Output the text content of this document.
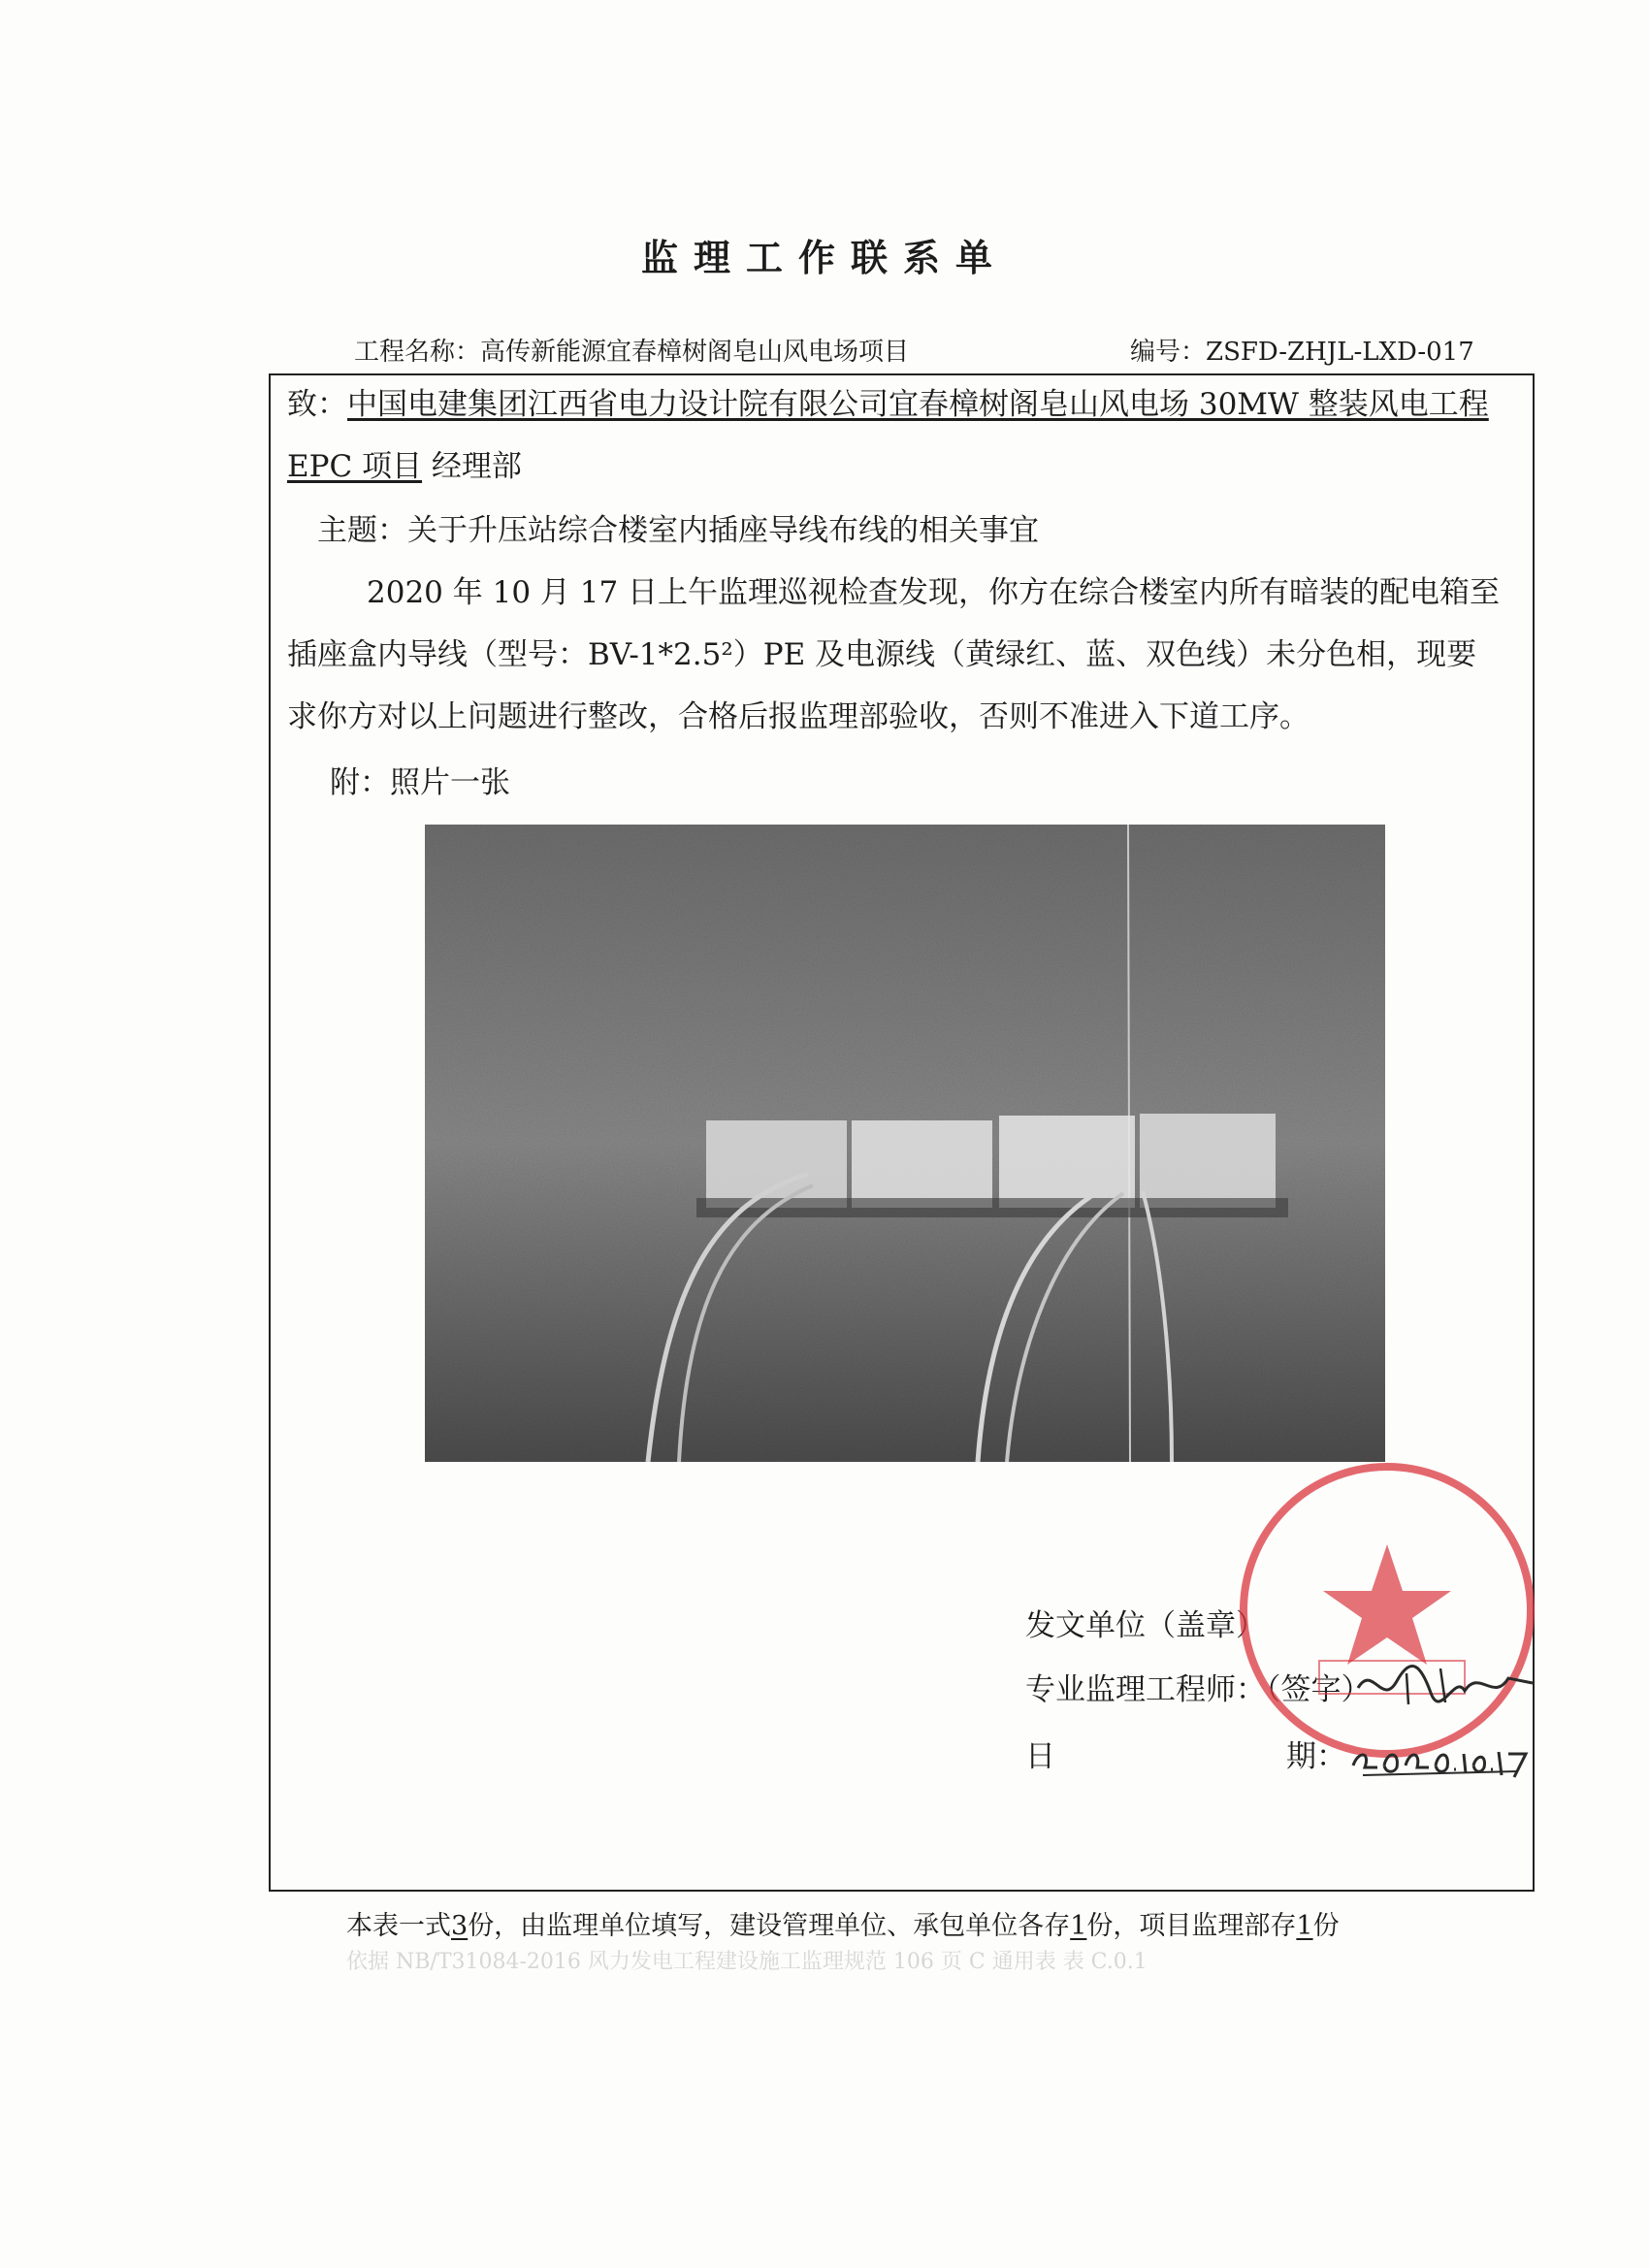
监理工作联系单
工程名称：高传新能源宜春樟树阁皂山风电场项目	编号：ZSFD-ZHJL-LXD-017
致：中国电建集团江西省电力设计院有限公司宜春樟树阁皂山风电场 30MW 整装风电工程
EPC 项目 经理部
主题：关于升压站综合楼室内插座导线布线的相关事宜
2020 年 10 月 17 日上午监理巡视检查发现，你方在综合楼室内所有暗装的配电箱至
插座盒内导线（型号：BV-1*2.5²）PE 及电源线（黄绿红、蓝、双色线）未分色相，现要
求你方对以上问题进行整改，合格后报监理部验收，否则不准进入下道工序。
附：照片一张
发文单位（盖章）
专业监理工程师：（签字）
日	期：
本表一式3份，由监理单位填写，建设管理单位、承包单位各存1份，项目监理部存1份
依据 NB/T31084-2016 风力发电工程建设施工监理规范 106 页 C 通用表 表 C.0.1
